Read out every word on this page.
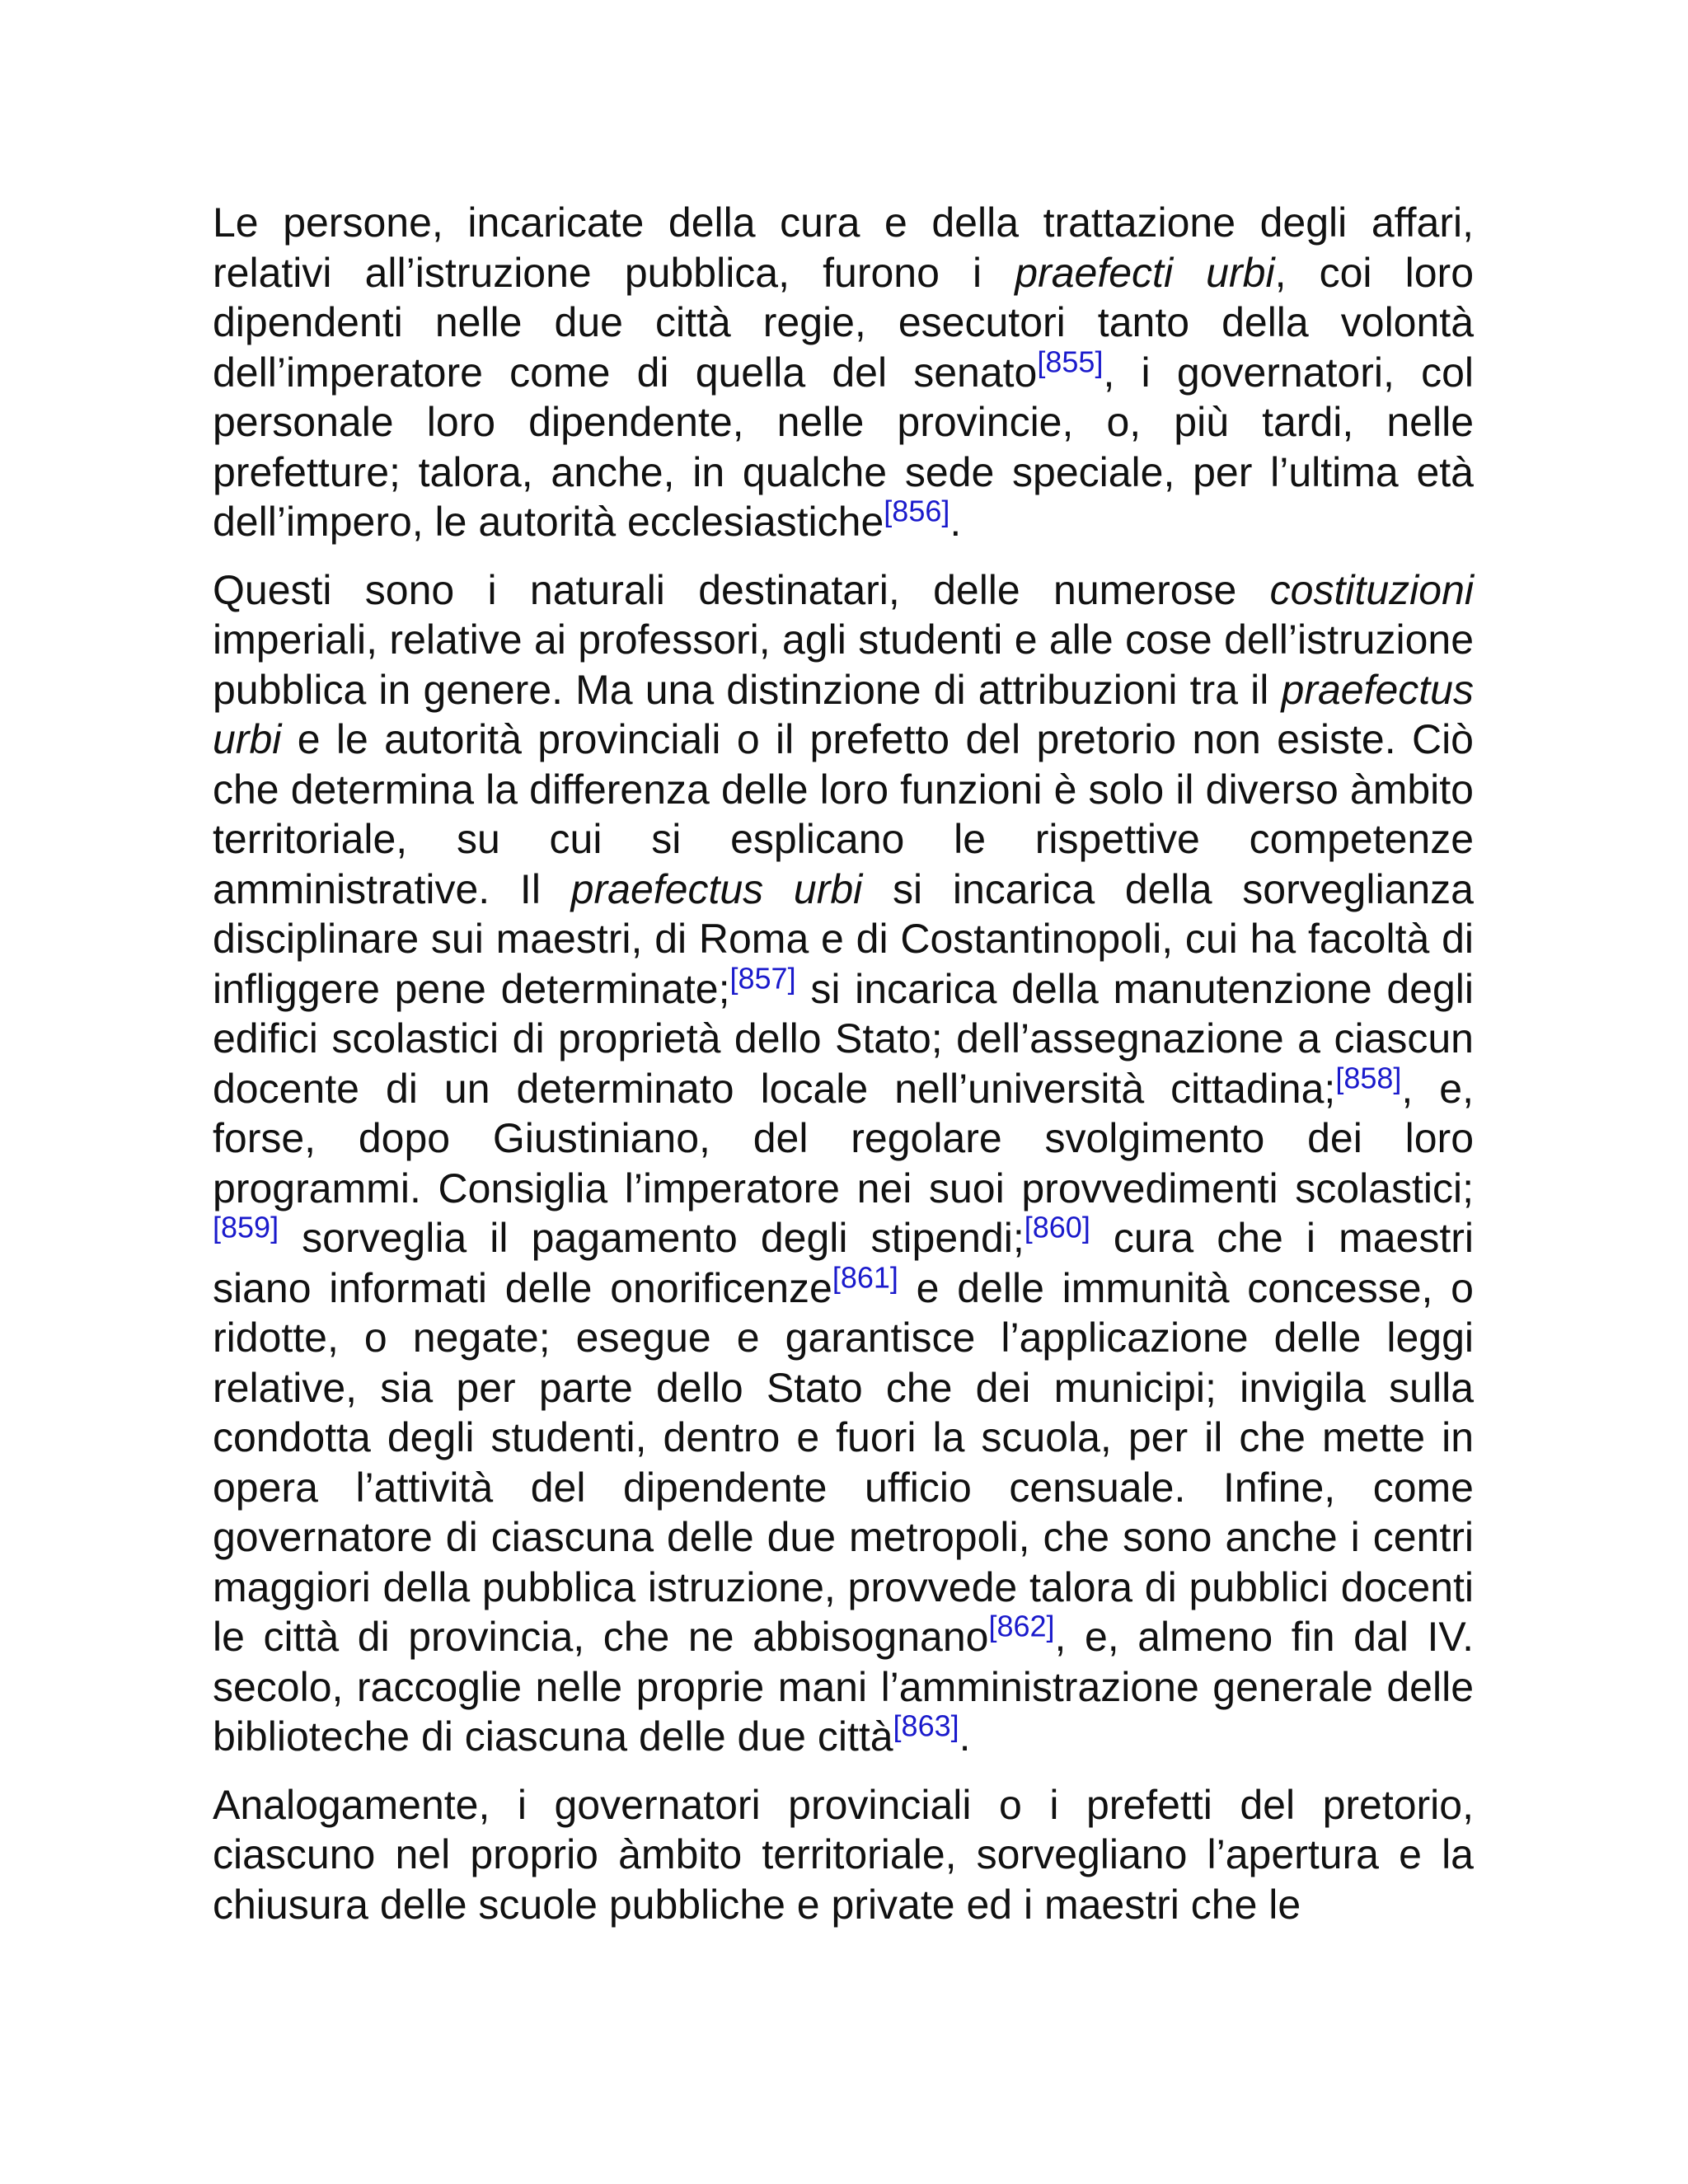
Le persone, incaricate della cura e della trattazione degli affari, relativi all’istruzione pubblica, furono i praefecti urbi, coi loro dipendenti nelle due città regie, esecutori tanto della volontà dell’imperatore come di quella del senato[855], i governatori, col personale loro dipendente, nelle provincie, o, più tardi, nelle prefetture; talora, anche, in qualche sede speciale, per l’ultima età dell’impero, le autorità ecclesiastiche[856].

Questi sono i naturali destinatari, delle numerose costituzioni imperiali, relative ai professori, agli studenti e alle cose dell’istruzione pubblica in genere. Ma una distinzione di attribuzioni tra il praefectus urbi e le autorità provinciali o il prefetto del pretorio non esiste. Ciò che determina la differenza delle loro funzioni è solo il diverso àmbito territoriale, su cui si esplicano le rispettive competenze amministrative. Il praefectus urbi si incarica della sorveglianza disciplinare sui maestri, di Roma e di Costantinopoli, cui ha facoltà di infliggere pene determinate;[857] si incarica della manutenzione degli edifici scolastici di proprietà dello Stato; dell’assegnazione a ciascun docente di un determinato locale nell’università cittadina;[858], e, forse, dopo Giustiniano, del regolare svolgimento dei loro programmi. Consiglia l’imperatore nei suoi provvedimenti scolastici;[859] sorveglia il pagamento degli stipendi;[860] cura che i maestri siano informati delle onorificenze[861] e delle immunità concesse, o ridotte, o negate; esegue e garantisce l’applicazione delle leggi relative, sia per parte dello Stato che dei municipi; invigila sulla condotta degli studenti, dentro e fuori la scuola, per il che mette in opera l’attività del dipendente ufficio censuale. Infine, come governatore di ciascuna delle due metropoli, che sono anche i centri maggiori della pubblica istruzione, provvede talora di pubblici docenti le città di provincia, che ne abbisognano[862], e, almeno fin dal IV. secolo, raccoglie nelle proprie mani l’amministrazione generale delle biblioteche di ciascuna delle due città[863].

Analogamente, i governatori provinciali o i prefetti del pretorio, ciascuno nel proprio àmbito territoriale, sorvegliano l’apertura e la chiusura delle scuole pubbliche e private ed i maestri che le
